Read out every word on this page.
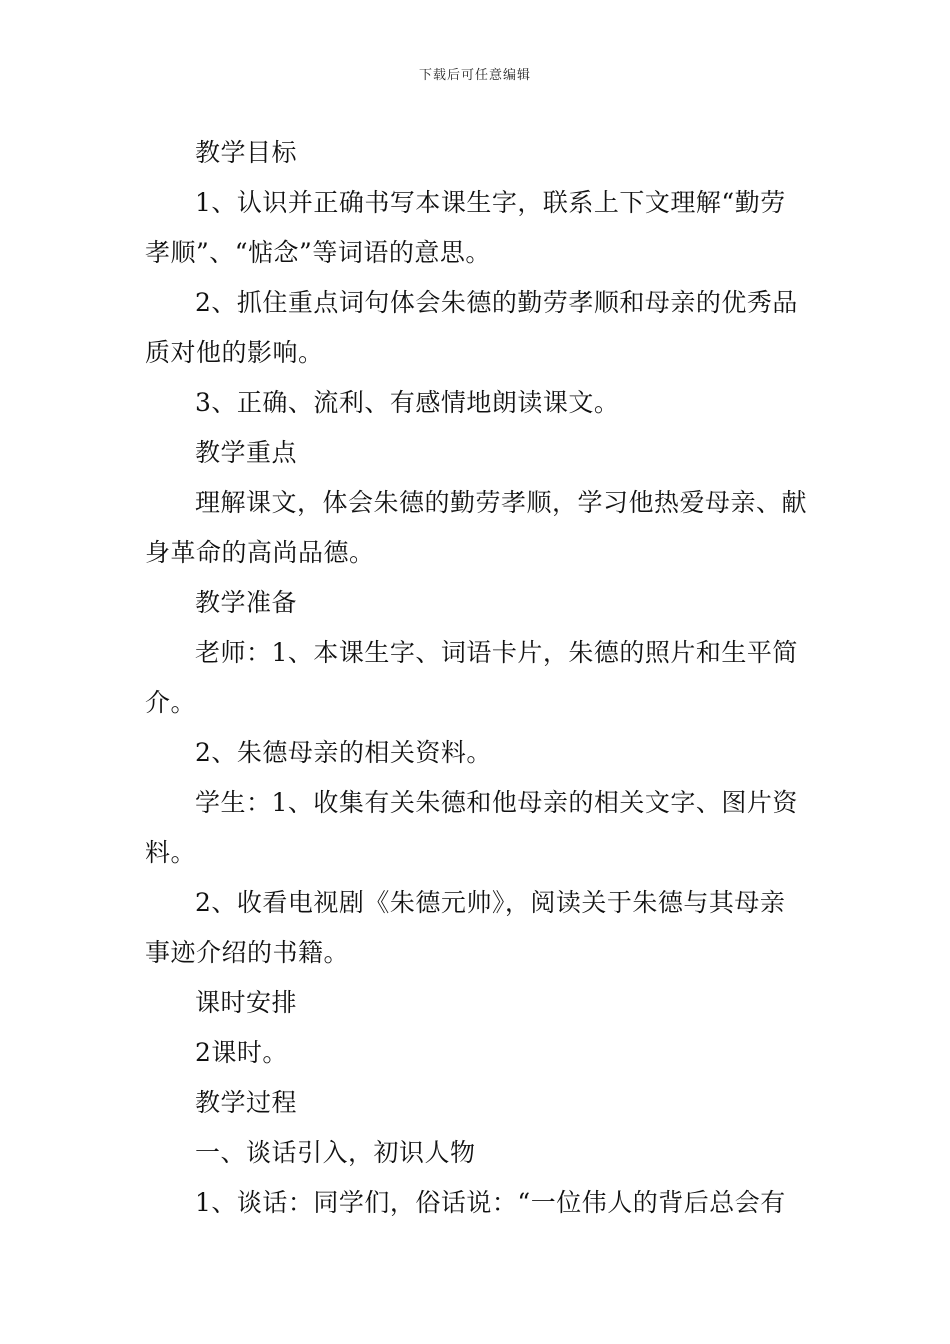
下载后可任意编辑

教学目标

1、认识并正确书写本课生字，联系上下文理解“勤劳孝顺”、“惦念”等词语的意思。

2、抓住重点词句体会朱德的勤劳孝顺和母亲的优秀品质对他的影响。

3、正确、流利、有感情地朗读课文。

教学重点

理解课文，体会朱德的勤劳孝顺，学习他热爱母亲、献身革命的高尚品德。

教学准备

老师：1、本课生字、词语卡片，朱德的照片和生平简介。

2、朱德母亲的相关资料。

学生：1、收集有关朱德和他母亲的相关文字、图片资料。

2、收看电视剧《朱德元帅》，阅读关于朱德与其母亲事迹介绍的书籍。

课时安排

2课时。

教学过程

一、谈话引入，初识人物

1、谈话：同学们，俗话说：“一位伟人的背后总会有
